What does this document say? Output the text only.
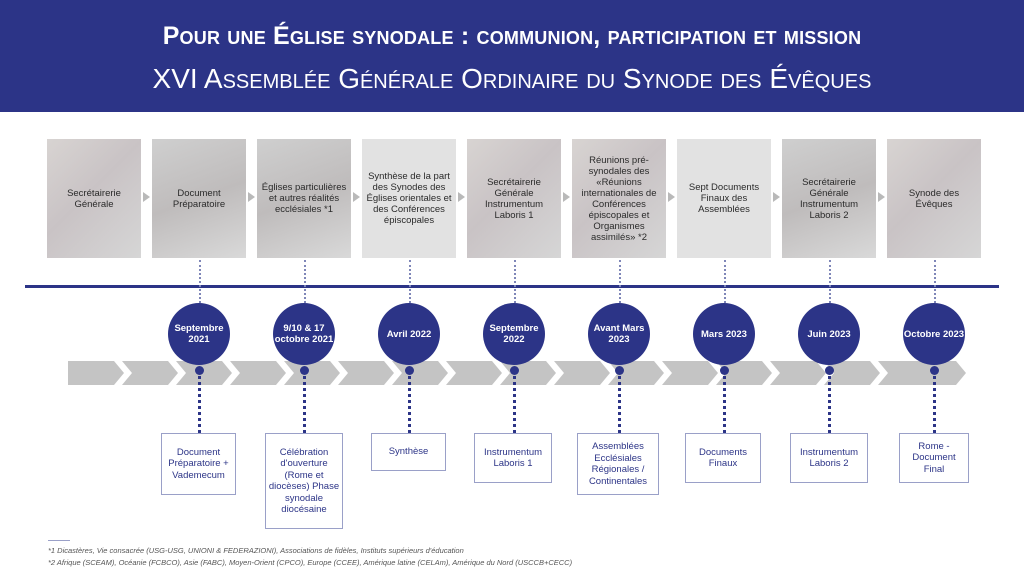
Pour une Église synodale : communion, participation et mission
XVI Assemblée Générale Ordinaire du Synode des Évêques
Secrétairerie Générale
Document Préparatoire
Églises particulières et autres réalités ecclésiales *1
Synthèse de la part des Synodes des Églises orientales et des Conférences épiscopales
Secrétairerie Générale Instrumentum Laboris 1
Réunions pré-synodales des «Réunions internationales de Conférences épiscopales et Organismes assimilés» *2
Sept Documents Finaux des Assemblées
Secrétairerie Générale Instrumentum Laboris 2
Synode des Évêques
Septembre 2021
9/10 & 17 octobre 2021	Avril 2022	Septembre 2022
Avant Mars 2023	Mars 2023	Juin 2023	Octobre 2023
Document Préparatoire + Vademecum
Célébration d'ouverture (Rome et diocèses) Phase synodale diocésaine
Synthèse	Instrumentum Laboris 1
Assemblées Ecclésiales Régionales / Continentales
Documents Finaux
Instrumentum Laboris 2
Rome - Document Final
*1 Dicastères, Vie consacrée (USG-USG, UNIONI & FEDERAZIONI), Associations de fidèles, Instituts supérieurs d'éducation
*2 Afrique (SCEAM), Océanie (FCBCO), Asie (FABC), Moyen-Orient (CPCO), Europe (CCEE), Amérique latine (CELAm), Amérique du Nord (USCCB+CECC)
